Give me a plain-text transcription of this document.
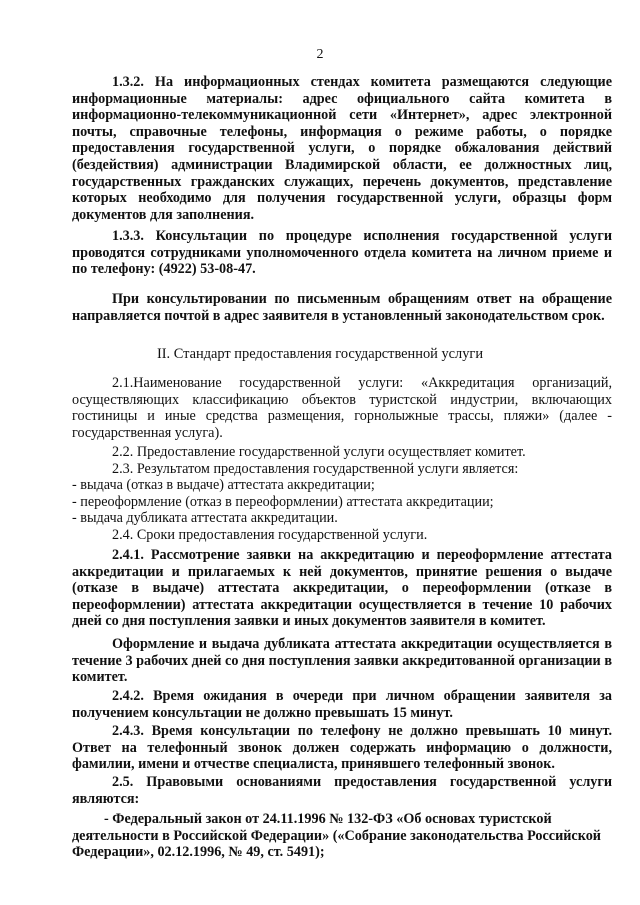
2
1.3.2. На информационных стендах комитета размещаются следующие
информационные материалы: адрес официального сайта комитета в
информационно-телекоммуникационной сети «Интернет», адрес электронной
почты, справочные телефоны, информация о режиме работы, о порядке
предоставления государственной услуги, о порядке обжалования действий
(бездействия) администрации Владимирской области, ее должностных лиц,
государственных гражданских служащих, перечень документов, представление
которых необходимо для получения государственной услуги, образцы форм
документов для заполнения.
1.3.3. Консультации по процедуре исполнения государственной услуги
проводятся сотрудниками уполномоченного отдела комитета на личном приеме и
по телефону: (4922) 53-08-47.
При консультировании по письменным обращениям ответ на обращение
направляется почтой в адрес заявителя в установленный законодательством срок.
II. Стандарт предоставления государственной услуги
2.1.Наименование государственной услуги: «Аккредитация организаций,
осуществляющих классификацию объектов туристской индустрии, включающих
гостиницы и иные средства размещения, горнолыжные трассы, пляжи» (далее -
государственная услуга).
2.2. Предоставление государственной услуги осуществляет комитет.
2.3. Результатом предоставления государственной услуги является:
- выдача (отказ в выдаче) аттестата аккредитации;
- переоформление (отказ в переоформлении) аттестата аккредитации;
- выдача дубликата аттестата аккредитации.
2.4. Сроки предоставления государственной услуги.
2.4.1. Рассмотрение заявки на аккредитацию и переоформление аттестата
аккредитации и прилагаемых к ней документов, принятие решения о выдаче
(отказе в выдаче) аттестата аккредитации, о переоформлении (отказе в
переоформлении) аттестата аккредитации осуществляется в течение 10 рабочих
дней со дня поступления заявки и иных документов заявителя в комитет.
Оформление и выдача дубликата аттестата аккредитации осуществляется в
течение 3 рабочих дней со дня поступления заявки аккредитованной организации в
комитет.
2.4.2. Время ожидания в очереди при личном обращении заявителя за
получением консультации не должно превышать 15 минут.
2.4.3. Время консультации по телефону не должно превышать 10 минут.
Ответ на телефонный звонок должен содержать информацию о должности,
фамилии, имени и отчестве специалиста, принявшего телефонный звонок.
2.5. Правовыми основаниями предоставления государственной услуги
являются:
- Федеральный закон от 24.11.1996 № 132-ФЗ «Об основах туристской
деятельности в Российской Федерации» («Собрание законодательства Российской
Федерации», 02.12.1996, № 49, ст. 5491);
